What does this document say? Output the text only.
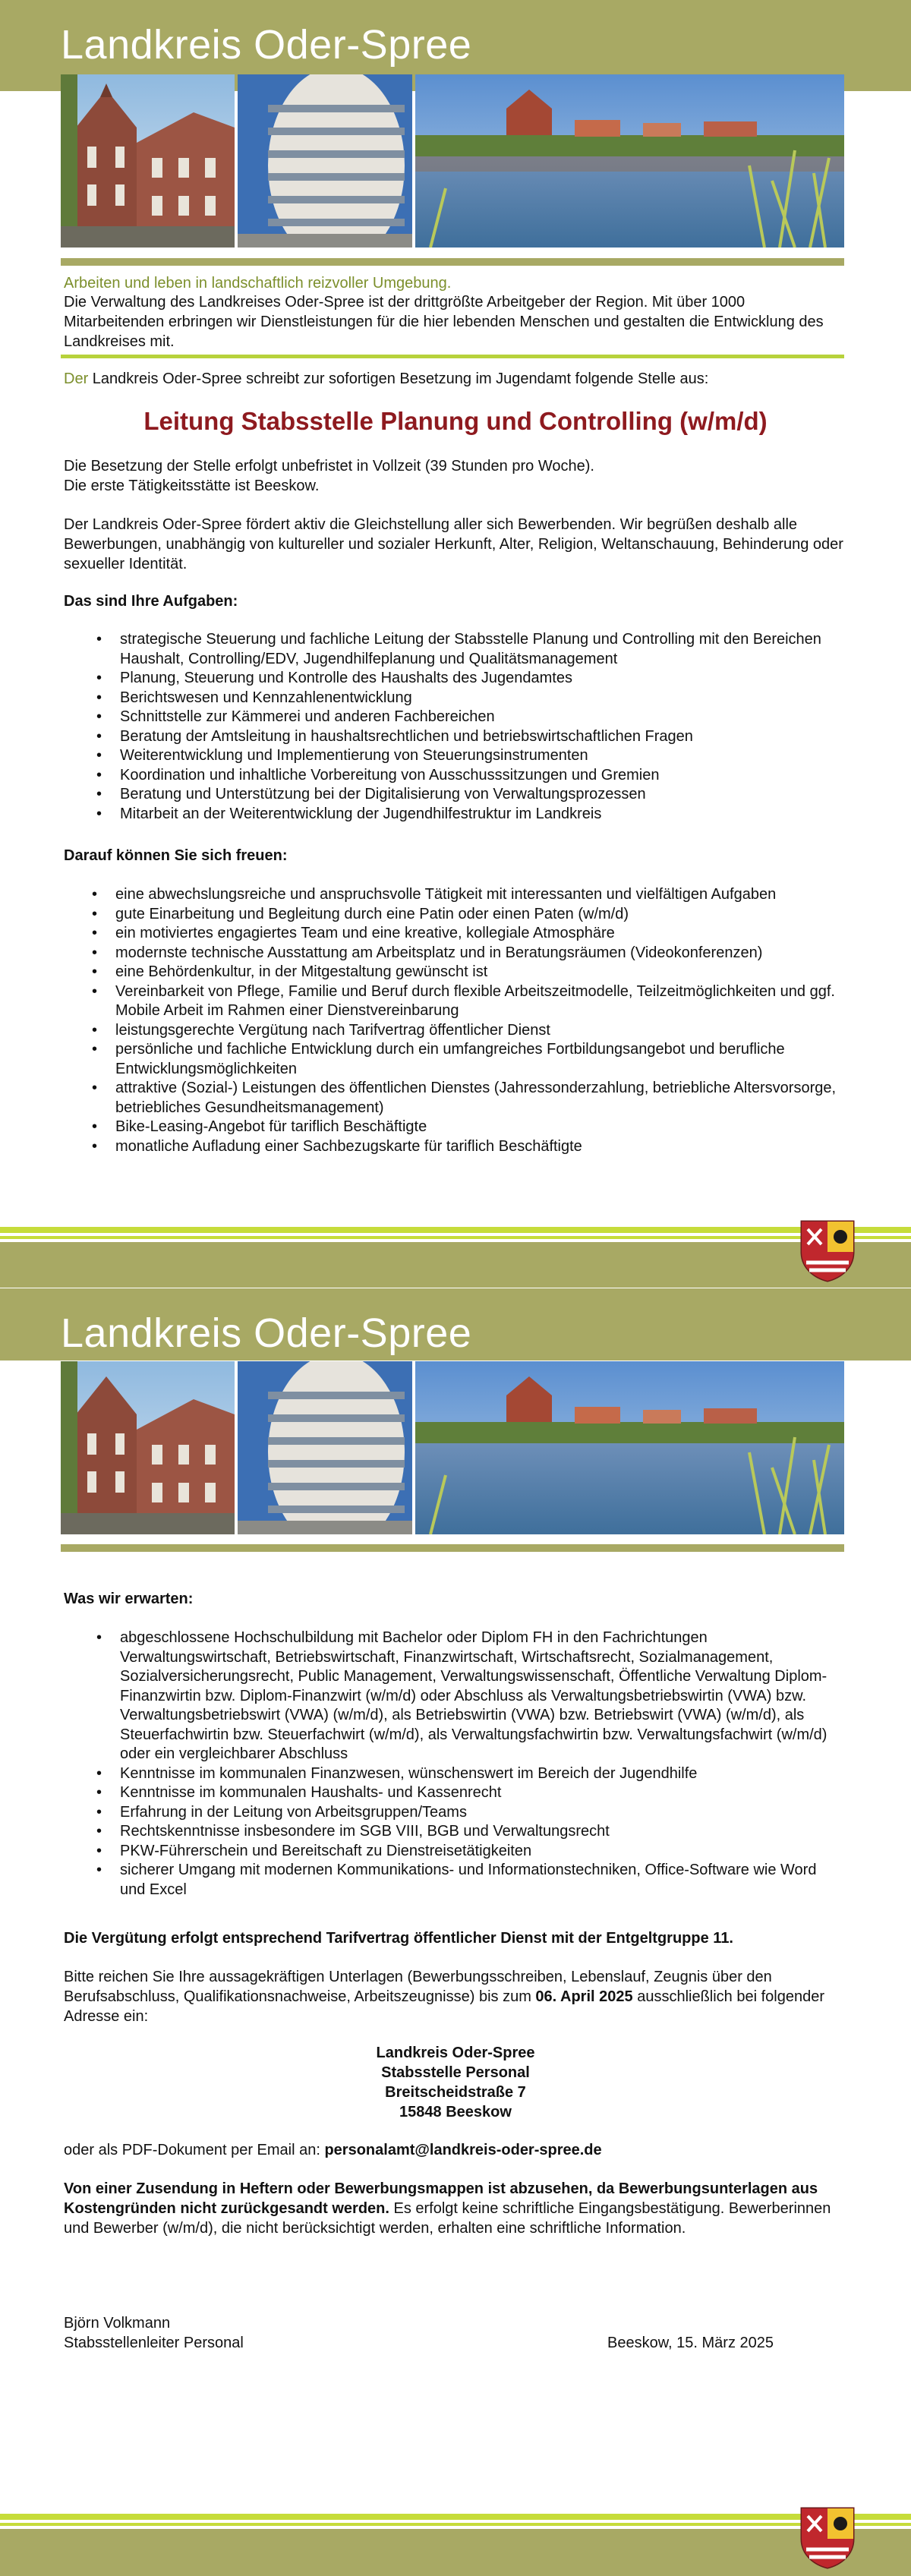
Landkreis Oder-Spree
Arbeiten und leben in landschaftlich reizvoller Umgebung.
Die Verwaltung des Landkreises Oder-Spree ist der drittgrößte Arbeitgeber der Region. Mit über 1000 Mitarbeitenden erbringen wir Dienstleistungen für die hier lebenden Menschen und gestalten die Entwicklung des Landkreises mit.
Der Landkreis Oder-Spree schreibt zur sofortigen Besetzung im Jugendamt folgende Stelle aus:
Leitung Stabsstelle Planung und Controlling (w/m/d)
Die Besetzung der Stelle erfolgt unbefristet in Vollzeit (39 Stunden pro Woche).
Die erste Tätigkeitsstätte ist Beeskow.
Der Landkreis Oder-Spree fördert aktiv die Gleichstellung aller sich Bewerbenden. Wir begrüßen deshalb alle Bewerbungen, unabhängig von kultureller und sozialer Herkunft, Alter, Religion, Weltanschauung, Behinderung oder sexueller Identität.
Das sind Ihre Aufgaben:
• strategische Steuerung und fachliche Leitung der Stabsstelle Planung und Controlling mit den Bereichen Haushalt, Controlling/EDV, Jugendhilfeplanung und Qualitätsmanagement
• Planung, Steuerung und Kontrolle des Haushalts des Jugendamtes
• Berichtswesen und Kennzahlenentwicklung
• Schnittstelle zur Kämmerei und anderen Fachbereichen
• Beratung der Amtsleitung in haushaltsrechtlichen und betriebswirtschaftlichen Fragen
• Weiterentwicklung und Implementierung von Steuerungsinstrumenten
• Koordination und inhaltliche Vorbereitung von Ausschusssitzungen und Gremien
• Beratung und Unterstützung bei der Digitalisierung von Verwaltungsprozessen
• Mitarbeit an der Weiterentwicklung der Jugendhilfestruktur im Landkreis
Darauf können Sie sich freuen:
• eine abwechslungsreiche und anspruchsvolle Tätigkeit mit interessanten und vielfältigen Aufgaben
• gute Einarbeitung und Begleitung durch eine Patin oder einen Paten (w/m/d)
• ein motiviertes engagiertes Team und eine kreative, kollegiale Atmosphäre
• modernste technische Ausstattung am Arbeitsplatz und in Beratungsräumen (Videokonferenzen)
• eine Behördenkultur, in der Mitgestaltung gewünscht ist
• Vereinbarkeit von Pflege, Familie und Beruf durch flexible Arbeitszeitmodelle, Teilzeitmöglichkeiten und ggf. Mobile Arbeit im Rahmen einer Dienstvereinbarung
• leistungsgerechte Vergütung nach Tarifvertrag öffentlicher Dienst
• persönliche und fachliche Entwicklung durch ein umfangreiches Fortbildungsangebot und berufliche Entwicklungsmöglichkeiten
• attraktive (Sozial-) Leistungen des öffentlichen Dienstes (Jahressonderzahlung, betriebliche Altersvorsorge, betriebliches Gesundheitsmanagement)
• Bike-Leasing-Angebot für tariflich Beschäftigte
• monatliche Aufladung einer Sachbezugskarte für tariflich Beschäftigte
Landkreis Oder-Spree
Was wir erwarten:
• abgeschlossene Hochschulbildung mit Bachelor oder Diplom FH in den Fachrichtungen Verwaltungswirtschaft, Betriebswirtschaft, Finanzwirtschaft, Wirtschaftsrecht, Sozialmanagement, Sozialversicherungsrecht, Public Management, Verwaltungswissenschaft, Öffentliche Verwaltung Diplom-Finanzwirtin bzw. Diplom-Finanzwirt (w/m/d) oder Abschluss als Verwaltungsbetriebswirtin (VWA) bzw. Verwaltungsbetriebswirt (VWA) (w/m/d), als Betriebswirtin (VWA) bzw. Betriebswirt (VWA) (w/m/d), als Steuerfachwirtin bzw. Steuerfachwirt (w/m/d), als Verwaltungsfachwirtin bzw. Verwaltungsfachwirt (w/m/d) oder ein vergleichbarer Abschluss
• Kenntnisse im kommunalen Finanzwesen, wünschenswert im Bereich der Jugendhilfe
• Kenntnisse im kommunalen Haushalts- und Kassenrecht
• Erfahrung in der Leitung von Arbeitsgruppen/Teams
• Rechtskenntnisse insbesondere im SGB VIII, BGB und Verwaltungsrecht
• PKW-Führerschein und Bereitschaft zu Dienstreisetätigkeiten
• sicherer Umgang mit modernen Kommunikations- und Informationstechniken, Office-Software wie Word und Excel
Die Vergütung erfolgt entsprechend Tarifvertrag öffentlicher Dienst mit der Entgeltgruppe 11.
Bitte reichen Sie Ihre aussagekräftigen Unterlagen (Bewerbungsschreiben, Lebenslauf, Zeugnis über den Berufsabschluss, Qualifikationsnachweise, Arbeitszeugnisse) bis zum 06. April 2025 ausschließlich bei folgender Adresse ein:
Landkreis Oder-Spree
Stabsstelle Personal
Breitscheidstraße 7
15848 Beeskow
oder als PDF-Dokument per Email an: personalamt@landkreis-oder-spree.de
Von einer Zusendung in Heftern oder Bewerbungsmappen ist abzusehen, da Bewerbungsunterlagen aus Kostengründen nicht zurückgesandt werden. Es erfolgt keine schriftliche Eingangsbestätigung. Bewerberinnen und Bewerber (w/m/d), die nicht berücksichtigt werden, erhalten eine schriftliche Information.
Björn Volkmann
Stabsstellenleiter Personal	Beeskow, 15. März 2025
